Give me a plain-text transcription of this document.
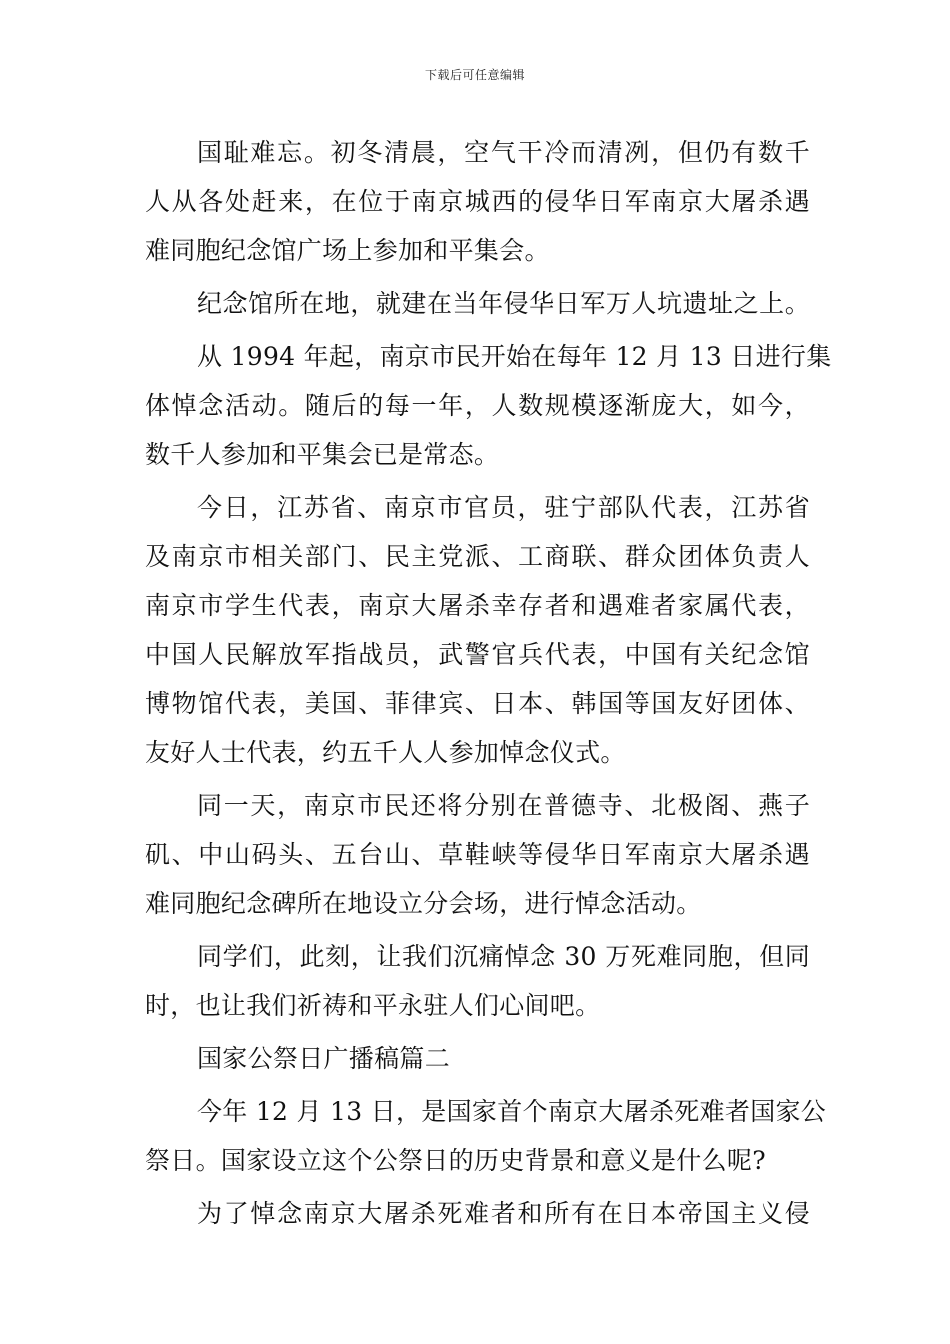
下载后可任意编辑
国耻难忘。初冬清晨，空气干冷而清冽，但仍有数千
人从各处赶来，在位于南京城西的侵华日军南京大屠杀遇
难同胞纪念馆广场上参加和平集会。
纪念馆所在地，就建在当年侵华日军万人坑遗址之上。
从 1994 年起，南京市民开始在每年 12 月 13 日进行集
体悼念活动。随后的每一年，人数规模逐渐庞大，如今，
数千人参加和平集会已是常态。
今日，江苏省、南京市官员，驻宁部队代表，江苏省
及南京市相关部门、民主党派、工商联、群众团体负责人
南京市学生代表，南京大屠杀幸存者和遇难者家属代表，
中国人民解放军指战员，武警官兵代表，中国有关纪念馆
博物馆代表，美国、菲律宾、日本、韩国等国友好团体、
友好人士代表，约五千人人参加悼念仪式。
同一天，南京市民还将分别在普德寺、北极阁、燕子
矶、中山码头、五台山、草鞋峡等侵华日军南京大屠杀遇
难同胞纪念碑所在地设立分会场，进行悼念活动。
同学们，此刻，让我们沉痛悼念 30 万死难同胞，但同
时，也让我们祈祷和平永驻人们心间吧。
国家公祭日广播稿篇二
今年 12 月 13 日，是国家首个南京大屠杀死难者国家公
祭日。国家设立这个公祭日的历史背景和意义是什么呢?
为了悼念南京大屠杀死难者和所有在日本帝国主义侵
